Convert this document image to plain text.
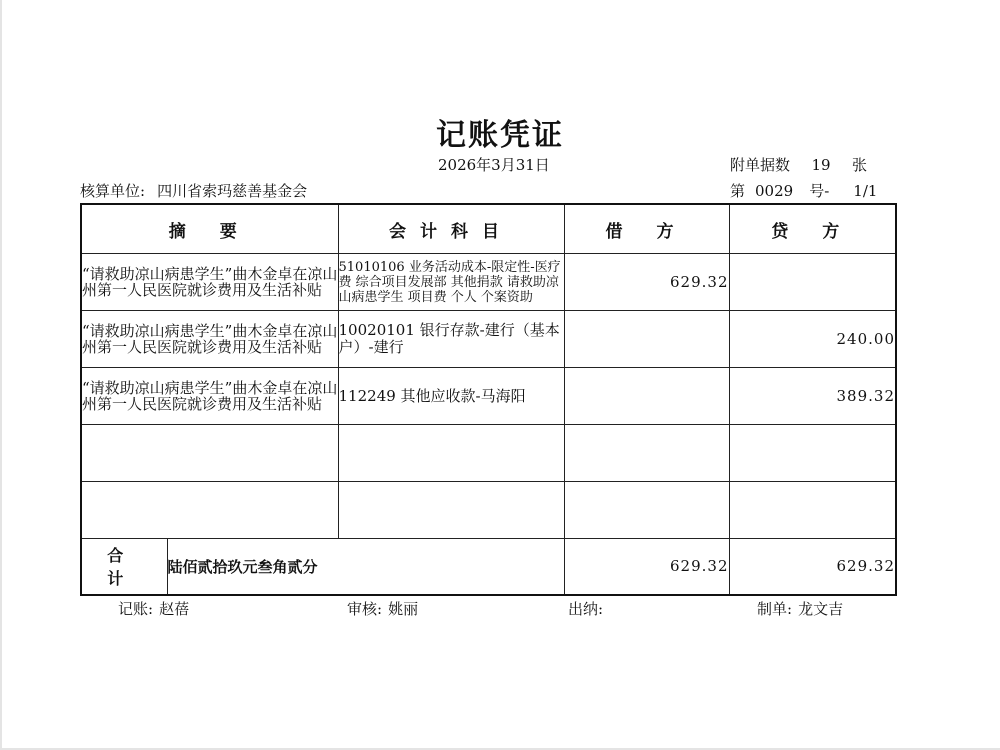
记账凭证
2026年3月31日	附单据数 19 张
核算单位: 四川省索玛慈善基金会	第 0029 号- 1/1
摘 要		会计科目	借 方	贷 方
“请救助凉山病患学生”曲木金卓在凉山州第一人民医院就诊费用及生活补贴		51010106 业务活动成本-限定性-医疗费 综合项目发展部 其他捐款 请救助凉山病患学生 项目费 个人 个案资助	629.32	
“请救助凉山病患学生”曲木金卓在凉山州第一人民医院就诊费用及生活补贴		10020101 银行存款-建行（基本户）-建行		240.00
“请救助凉山病患学生”曲木金卓在凉山州第一人民医院就诊费用及生活补贴		112249 其他应收款-马海阳		389.32

合 计	陆佰贰拾玖元叁角贰分		629.32	629.32
记账: 赵蓓	审核: 姚丽	出纳:	制单: 龙文吉
